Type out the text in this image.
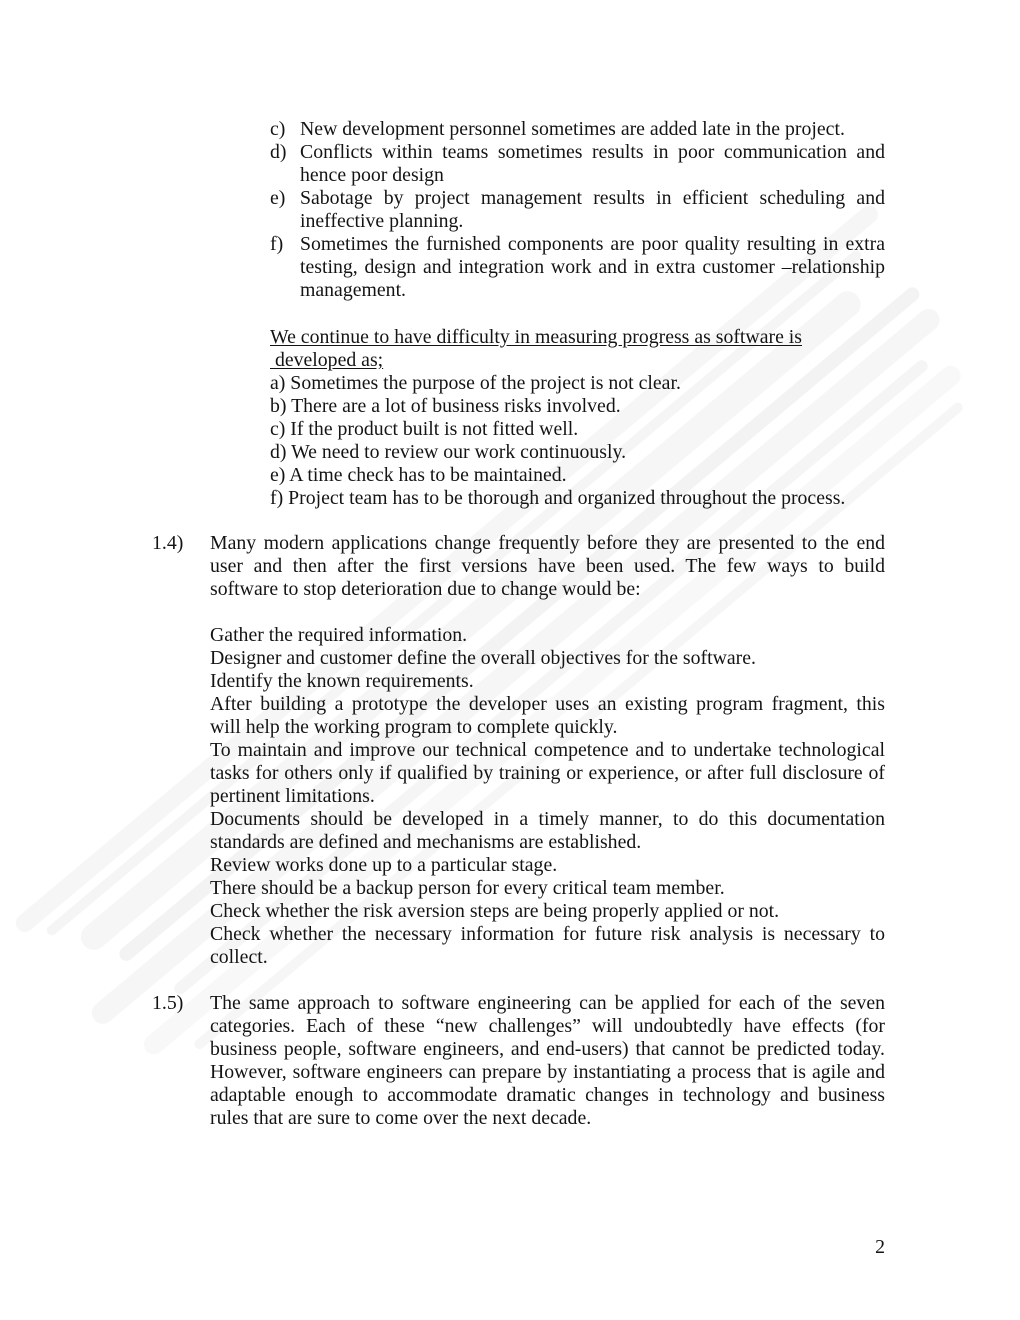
c) New development personnel sometimes are added late in the project.
d) Conflicts within teams sometimes results in poor communication and
hence poor design
e) Sabotage by project management results in efficient scheduling and
ineffective planning.
f) Sometimes the furnished components are poor quality resulting in extra
testing, design and integration work and in extra customer –relationship
management.
We continue to have difficulty in measuring progress as software is
developed as;
a) Sometimes the purpose of the project is not clear.
b) There are a lot of business risks involved.
c) If the product built is not fitted well.
d) We need to review our work continuously.
e) A time check has to be maintained.
f) Project team has to be thorough and organized throughout the process.
1.4) Many modern applications change frequently before they are presented to the end
user and then after the first versions have been used. The few ways to build
software to stop deterioration due to change would be:
Gather the required information.
Designer and customer define the overall objectives for the software.
Identify the known requirements.
After building a prototype the developer uses an existing program fragment, this
will help the working program to complete quickly.
To maintain and improve our technical competence and to undertake technological
tasks for others only if qualified by training or experience, or after full disclosure of
pertinent limitations.
Documents should be developed in a timely manner, to do this documentation
standards are defined and mechanisms are established.
Review works done up to a particular stage.
There should be a backup person for every critical team member.
Check whether the risk aversion steps are being properly applied or not.
Check whether the necessary information for future risk analysis is necessary to
collect.
1.5) The same approach to software engineering can be applied for each of the seven
categories. Each of these “new challenges” will undoubtedly have effects (for
business people, software engineers, and end-users) that cannot be predicted today.
However, software engineers can prepare by instantiating a process that is agile and
adaptable enough to accommodate dramatic changes in technology and business
rules that are sure to come over the next decade.
2
